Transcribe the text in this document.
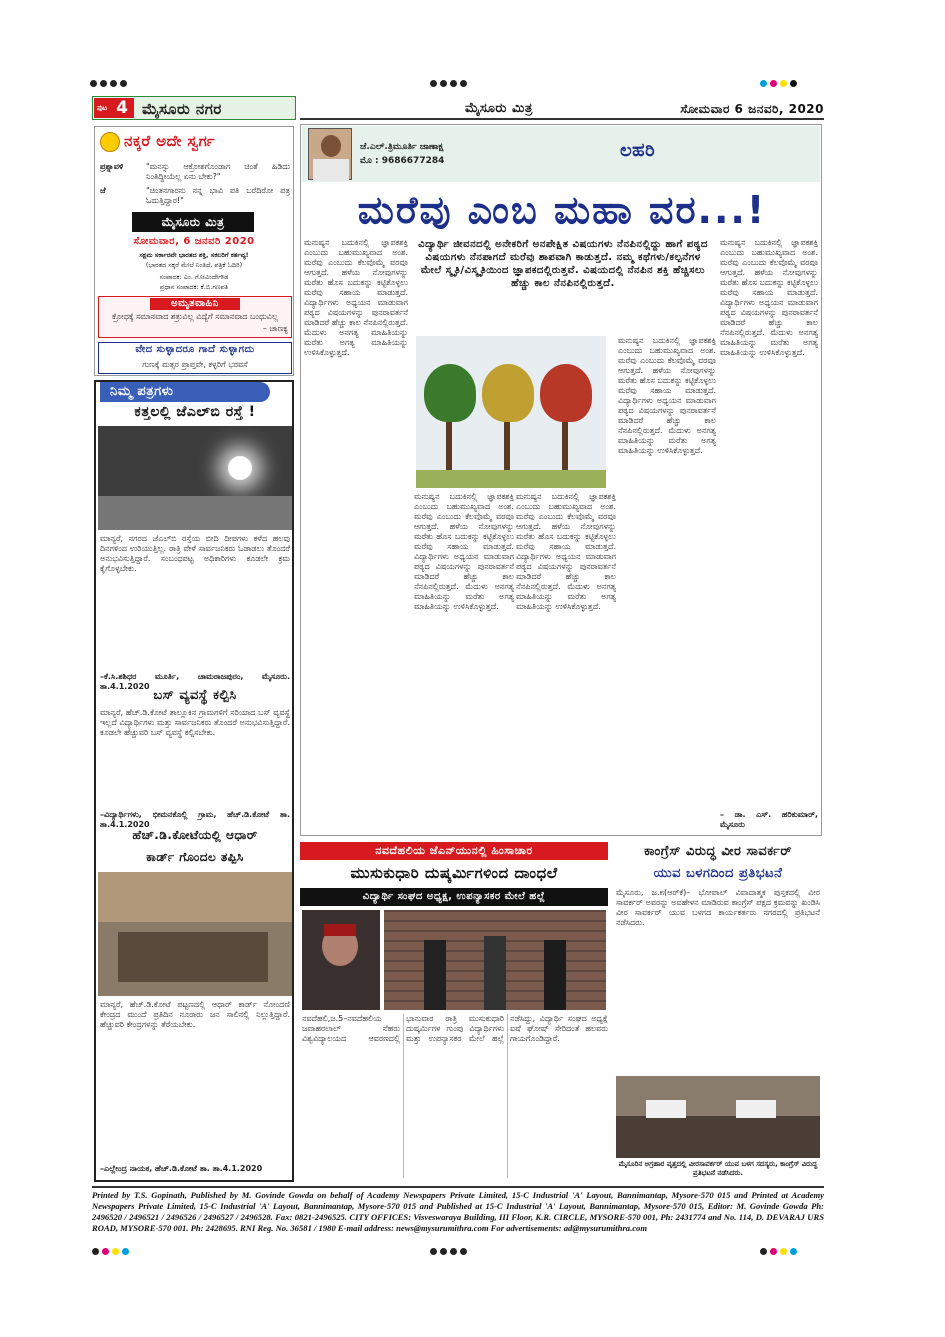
ಪುಟ 4 ಮೈಸೂರು ನಗರ	ಮೈಸೂರು ಮಿತ್ರ	ಸೋಮವಾರ 6 ಜನವರಿ, 2020
ನಕ್ಕರೆ ಅದೇ ಸ್ವರ್ಗ
ಪ್ರಶ್ನಾವಳಿ	"ಮನಸ್ಸು ಆಕ್ರೋಶಗೊಂಡಾಗ ಚಿಂತೆ ಹಿಡಿದು ನಿಂತಿದ್ದೀಯೆಲ್ಲ ಏನು ಬೇಕು?"
ಜೆ	"ಚಿಂತನಗಾರನು ನನ್ನ ಭಾವಿ ಪತಿ ಬರೆದಿರೋ ಪತ್ರ ಓದುತ್ತಿದ್ದಾರ!"
ಮೈಸೂರು ಮಿತ್ರ
ಸೋಮವಾರ, 6 ಜನವರಿ 2020
ಸಕ್ಷಮ ಸರ್ಕಾರವೇ ಭಾರತದ ಶಕ್ತಿ, ಸಕಲರಿಗೆ ಕರ್ತವ್ಯ!
(ಭಾರತದ ಸಕ್ಕರೆ ಮೇಲೆ ನಿಂತಿದೆ, ಪತ್ರಿಕೆ ಓದಿರಿ)
ಸಂಪಾದಕ: ಎಂ. ಗೋವಿಂದೇಗೌಡ
ಪ್ರಧಾನ ಸಂಪಾದಕ: ಕೆ.ಬಿ.ಗಣಪತಿ
ಅಮೃತವಾಹಿನಿ
ಕ್ರೋಧಕ್ಕೆ ಸಮಾನವಾದ ಶತ್ರುವಿಲ್ಲ ವಿದ್ಯೆಗೆ ಸಮಾನವಾದ ಬಂಧುವಿಲ್ಲ
– ಚಾಣಕ್ಯ
ವೇದ ಸುಳ್ಳಾದರೂ ಗಾದೆ ಸುಳ್ಳಾಗದು
ಗುಣಕ್ಕೆ ಮತ್ಸರ ಪ್ರಾಪ್ತವೇ, ಕಳ್ಳರಿಗೆ ಭರವಸೆ
ನಿಮ್ಮ ಪತ್ರಗಳು
ಕತ್ತಲಲ್ಲಿ ಜೆಎಲ್‌ಬಿ ರಸ್ತೆ !
ಮಾನ್ಯರೆ, ನಗರದ ಜೆಎಲ್‌ಬಿ ರಸ್ತೆಯ ಬೀದಿ ದೀಪಗಳು ಕಳೆದ ಹಲವು ದಿನಗಳಿಂದ ಉರಿಯುತ್ತಿಲ್ಲ. ರಾತ್ರಿ ವೇಳೆ ಸಾರ್ವಜನಿಕರು ಓಡಾಡಲು ತೊಂದರೆ ಅನುಭವಿಸುತ್ತಿದ್ದಾರೆ. ಸಂಬಂಧಪಟ್ಟ ಅಧಿಕಾರಿಗಳು ಕೂಡಲೇ ಕ್ರಮ ಕೈಗೊಳ್ಳಬೇಕು.
–ಕೆ.ಸಿ.ಶಶಿಧರ ಮೂರ್ತಿ, ಚಾಮರಾಜಪುರಂ, ಮೈಸೂರು. ತಾ.4.1.2020
ಬಸ್ ವ್ಯವಸ್ಥೆ ಕಲ್ಪಿಸಿ
ಮಾನ್ಯರೆ, ಹೆಚ್.ಡಿ.ಕೋಟೆ ತಾಲ್ಲೂಕಿನ ಗ್ರಾಮಗಳಿಗೆ ಸರಿಯಾದ ಬಸ್ ವ್ಯವಸ್ಥೆ ಇಲ್ಲದೆ ವಿದ್ಯಾರ್ಥಿಗಳು ಮತ್ತು ಸಾರ್ವಜನಿಕರು ತೊಂದರೆ ಅನುಭವಿಸುತ್ತಿದ್ದಾರೆ. ಕೂಡಲೇ ಹೆಚ್ಚುವರಿ ಬಸ್ ವ್ಯವಸ್ಥೆ ಕಲ್ಪಿಸಬೇಕು.
–ವಿದ್ಯಾರ್ಥಿಗಳು, ಭೀಮನಕೊಲ್ಲಿ ಗ್ರಾಮ, ಹೆಚ್.ಡಿ.ಕೋಟೆ ತಾ. ತಾ.4.1.2020
ಹೆಚ್.ಡಿ.ಕೋಟೆಯಲ್ಲಿ ಆಧಾರ್
ಕಾರ್ಡ್ ಗೊಂದಲ ತಪ್ಪಿಸಿ
ಮಾನ್ಯರೆ, ಹೆಚ್.ಡಿ.ಕೋಟೆ ಪಟ್ಟಣದಲ್ಲಿ ಆಧಾರ್ ಕಾರ್ಡ್ ನೋಂದಣಿ ಕೇಂದ್ರದ ಮುಂದೆ ಪ್ರತಿದಿನ ನೂರಾರು ಜನ ಸಾಲಿನಲ್ಲಿ ನಿಲ್ಲುತ್ತಿದ್ದಾರೆ. ಹೆಚ್ಚುವರಿ ಕೇಂದ್ರಗಳನ್ನು ತೆರೆಯಬೇಕು.
–ಎಲ್ಲೇಂದ್ರ ನಾಯಕ, ಹೆಚ್.ಡಿ.ಕೋಟೆ ತಾ. ತಾ.4.1.2020
ಜೆ.ಎಲ್.ತ್ರಿಮೂರ್ತಿ ಜಾಣಾಕ್ಷ
ಮೊ : 9686677284	ಲಹರಿ
ಮರೆವು ಎಂಬ ಮಹಾ ವರ...!
ಮನುಷ್ಯನ ಬದುಕಿನಲ್ಲಿ ಜ್ಞಾಪಕಶಕ್ತಿ ಎಂಬುದು ಬಹುಮುಖ್ಯವಾದ ಅಂಶ. ಮರೆವು ಎಂಬುದು ಕೆಲವೊಮ್ಮೆ ವರವೂ ಆಗುತ್ತದೆ. ಹಳೆಯ ನೋವುಗಳನ್ನು ಮರೆತು ಹೊಸ ಬದುಕನ್ನು ಕಟ್ಟಿಕೊಳ್ಳಲು ಮರೆವು ಸಹಾಯ ಮಾಡುತ್ತದೆ. ವಿದ್ಯಾರ್ಥಿಗಳು ಅಧ್ಯಯನ ಮಾಡುವಾಗ ಪಠ್ಯದ ವಿಷಯಗಳನ್ನು ಪುನರಾವರ್ತನೆ ಮಾಡಿದರೆ ಹೆಚ್ಚು ಕಾಲ ನೆನಪಿನಲ್ಲಿರುತ್ತದೆ. ಮೆದುಳು ಅನಗತ್ಯ ಮಾಹಿತಿಯನ್ನು ಮರೆತು ಅಗತ್ಯ ಮಾಹಿತಿಯನ್ನು ಉಳಿಸಿಕೊಳ್ಳುತ್ತದೆ.
ವಿದ್ಯಾರ್ಥಿ ಜೀವನದಲ್ಲಿ ಅನೇಕರಿಗೆ ಅನಪೇಕ್ಷಿತ ವಿಷಯಗಳು ನೆನಪಿನಲ್ಲಿದ್ದು ಹಾಗೆ ಪಠ್ಯದ ವಿಷಯಗಳು ನೆನಪಾಗದೆ ಮರೆವು ಶಾಪವಾಗಿ ಕಾಡುತ್ತದೆ. ನಮ್ಮ ಕಥೆಗಳು/ಕಲ್ಪನೆಗಳ ಮೇಲೆ ಸ್ಮೃತಿ/ವಿಸ್ಮೃತಿಯಿಂದ ಜ್ಞಾಪಕದಲ್ಲಿರುತ್ತವೆ. ವಿಷಯದಲ್ಲಿ ನೆನಪಿನ ಶಕ್ತಿ ಹೆಚ್ಚಿಸಲು ಹೆಚ್ಚು ಕಾಲ ನೆನಪಿನಲ್ಲಿರುತ್ತದೆ.
ಮನುಷ್ಯನ ಬದುಕಿನಲ್ಲಿ ಜ್ಞಾಪಕಶಕ್ತಿ ಎಂಬುದು ಬಹುಮುಖ್ಯವಾದ ಅಂಶ. ಮರೆವು ಎಂಬುದು ಕೆಲವೊಮ್ಮೆ ವರವೂ ಆಗುತ್ತದೆ. ಹಳೆಯ ನೋವುಗಳನ್ನು ಮರೆತು ಹೊಸ ಬದುಕನ್ನು ಕಟ್ಟಿಕೊಳ್ಳಲು ಮರೆವು ಸಹಾಯ ಮಾಡುತ್ತದೆ. ವಿದ್ಯಾರ್ಥಿಗಳು ಅಧ್ಯಯನ ಮಾಡುವಾಗ ಪಠ್ಯದ ವಿಷಯಗಳನ್ನು ಪುನರಾವರ್ತನೆ ಮಾಡಿದರೆ ಹೆಚ್ಚು ಕಾಲ ನೆನಪಿನಲ್ಲಿರುತ್ತದೆ. ಮೆದುಳು ಅನಗತ್ಯ ಮಾಹಿತಿಯನ್ನು ಮರೆತು ಅಗತ್ಯ ಮಾಹಿತಿಯನ್ನು ಉಳಿಸಿಕೊಳ್ಳುತ್ತದೆ.
ಮನುಷ್ಯನ ಬದುಕಿನಲ್ಲಿ ಜ್ಞಾಪಕಶಕ್ತಿ ಎಂಬುದು ಬಹುಮುಖ್ಯವಾದ ಅಂಶ. ಮರೆವು ಎಂಬುದು ಕೆಲವೊಮ್ಮೆ ವರವೂ ಆಗುತ್ತದೆ. ಹಳೆಯ ನೋವುಗಳನ್ನು ಮರೆತು ಹೊಸ ಬದುಕನ್ನು ಕಟ್ಟಿಕೊಳ್ಳಲು ಮರೆವು ಸಹಾಯ ಮಾಡುತ್ತದೆ. ವಿದ್ಯಾರ್ಥಿಗಳು ಅಧ್ಯಯನ ಮಾಡುವಾಗ ಪಠ್ಯದ ವಿಷಯಗಳನ್ನು ಪುನರಾವರ್ತನೆ ಮಾಡಿದರೆ ಹೆಚ್ಚು ಕಾಲ ನೆನಪಿನಲ್ಲಿರುತ್ತದೆ. ಮೆದುಳು ಅನಗತ್ಯ ಮಾಹಿತಿಯನ್ನು ಮರೆತು ಅಗತ್ಯ ಮಾಹಿತಿಯನ್ನು ಉಳಿಸಿಕೊಳ್ಳುತ್ತದೆ.
ಮನುಷ್ಯನ ಬದುಕಿನಲ್ಲಿ ಜ್ಞಾಪಕಶಕ್ತಿ ಎಂಬುದು ಬಹುಮುಖ್ಯವಾದ ಅಂಶ. ಮರೆವು ಎಂಬುದು ಕೆಲವೊಮ್ಮೆ ವರವೂ ಆಗುತ್ತದೆ. ಹಳೆಯ ನೋವುಗಳನ್ನು ಮರೆತು ಹೊಸ ಬದುಕನ್ನು ಕಟ್ಟಿಕೊಳ್ಳಲು ಮರೆವು ಸಹಾಯ ಮಾಡುತ್ತದೆ. ವಿದ್ಯಾರ್ಥಿಗಳು ಅಧ್ಯಯನ ಮಾಡುವಾಗ ಪಠ್ಯದ ವಿಷಯಗಳನ್ನು ಪುನರಾವರ್ತನೆ ಮಾಡಿದರೆ ಹೆಚ್ಚು ಕಾಲ ನೆನಪಿನಲ್ಲಿರುತ್ತದೆ. ಮೆದುಳು ಅನಗತ್ಯ ಮಾಹಿತಿಯನ್ನು ಮರೆತು ಅಗತ್ಯ ಮಾಹಿತಿಯನ್ನು ಉಳಿಸಿಕೊಳ್ಳುತ್ತದೆ.
ಮನುಷ್ಯನ ಬದುಕಿನಲ್ಲಿ ಜ್ಞಾಪಕಶಕ್ತಿ ಎಂಬುದು ಬಹುಮುಖ್ಯವಾದ ಅಂಶ. ಮರೆವು ಎಂಬುದು ಕೆಲವೊಮ್ಮೆ ವರವೂ ಆಗುತ್ತದೆ. ಹಳೆಯ ನೋವುಗಳನ್ನು ಮರೆತು ಹೊಸ ಬದುಕನ್ನು ಕಟ್ಟಿಕೊಳ್ಳಲು ಮರೆವು ಸಹಾಯ ಮಾಡುತ್ತದೆ. ವಿದ್ಯಾರ್ಥಿಗಳು ಅಧ್ಯಯನ ಮಾಡುವಾಗ ಪಠ್ಯದ ವಿಷಯಗಳನ್ನು ಪುನರಾವರ್ತನೆ ಮಾಡಿದರೆ ಹೆಚ್ಚು ಕಾಲ ನೆನಪಿನಲ್ಲಿರುತ್ತದೆ. ಮೆದುಳು ಅನಗತ್ಯ ಮಾಹಿತಿಯನ್ನು ಮರೆತು ಅಗತ್ಯ ಮಾಹಿತಿಯನ್ನು ಉಳಿಸಿಕೊಳ್ಳುತ್ತದೆ.
– ಡಾ. ಎಸ್. ಹರಿಕುಮಾರ್, ಮೈಸೂರು
ನವದೆಹಲಿಯ ಜೆಎನ್‌ಯುನಲ್ಲಿ ಹಿಂಸಾಚಾರ
ಮುಸುಕುಧಾರಿ ದುಷ್ಕರ್ಮಿಗಳಿಂದ ದಾಂಧಲೆ
ವಿದ್ಯಾರ್ಥಿ ಸಂಘದ ಅಧ್ಯಕ್ಷ, ಉಪನ್ಯಾಸಕರ ಮೇಲೆ ಹಲ್ಲೆ
ನವದೆಹಲಿ,ಜ.5–ನವದೆಹಲಿಯ ಜವಾಹರಲಾಲ್ ನೆಹರು ವಿಶ್ವವಿದ್ಯಾಲಯದ ಆವರಣದಲ್ಲಿ ಭಾನುವಾರ ರಾತ್ರಿ ಮುಸುಕುಧಾರಿ ದುಷ್ಕರ್ಮಿಗಳ ಗುಂಪು ವಿದ್ಯಾರ್ಥಿಗಳು ಮತ್ತು ಉಪನ್ಯಾಸಕರ ಮೇಲೆ ಹಲ್ಲೆ ನಡೆಸಿದ್ದು, ವಿದ್ಯಾರ್ಥಿ ಸಂಘದ ಅಧ್ಯಕ್ಷೆ ಐಷೆ ಘೋಷ್ ಸೇರಿದಂತೆ ಹಲವರು ಗಾಯಗೊಂಡಿದ್ದಾರೆ.
ಕಾಂಗ್ರೆಸ್ ವಿರುದ್ಧ ವೀರ ಸಾವರ್ಕರ್
ಯುವ ಬಳಗದಿಂದ ಪ್ರತಿಭಟನೆ
ಮೈಸೂರು, ಜ.೫(ಆರ್‌ಕೆ)– ಭೋಪಾಲ್ ವಿವಾದಾತ್ಮಕ ಪುಸ್ತಕದಲ್ಲಿ ವೀರ ಸಾವರ್ಕರ್ ಅವರನ್ನು ಅವಹೇಳನ ಮಾಡಿರುವ ಕಾಂಗ್ರೆಸ್ ಪಕ್ಷದ ಕ್ರಮವನ್ನು ಖಂಡಿಸಿ ವೀರ ಸಾವರ್ಕರ್ ಯುವ ಬಳಗದ ಕಾರ್ಯಕರ್ತರು ನಗರದಲ್ಲಿ ಪ್ರತಿಭಟನೆ ನಡೆಸಿದರು.
ಮೈಸೂರಿನ ಅಗ್ರಹಾರ ವೃತ್ತದಲ್ಲಿ ವೀರಸಾವರ್ಕರ್ ಯುವ ಬಳಗ ಸದಸ್ಯರು, ಕಾಂಗ್ರೆಸ್ ವಿರುದ್ಧ ಪ್ರತಿಭಟನೆ ನಡೆಸಿದರು.
Printed by T.S. Gopinath, Published by M. Govinde Gowda on behalf of Academy Newspapers Private Limited, 15-C Industrial 'A' Layout, Bannimantap, Mysore-570 015 and Printed at Academy Newspapers Private Limited, 15-C Industrial 'A' Layout, Bannimantap, Mysore-570 015 and Published at 15-C Industrial 'A' Layout, Bannimantap, Mysore-570 015, Editor: M. Govinde Gowda Ph: 2496520 / 2496521 / 2496526 / 2496527 / 2496528. Fax: 0821-2496525. CITY OFFICES: Visveswaraya Building, III Floor, K.R. CIRCLE, MYSORE-570 001, Ph: 2431774 and No. 114, D. DEVARAJ URS ROAD, MYSORE-570 001. Ph: 2428695. RNI Reg. No. 36581 / 1980 E-mail address: news@mysurumithra.com For advertisements: ad@mysurumithra.com
